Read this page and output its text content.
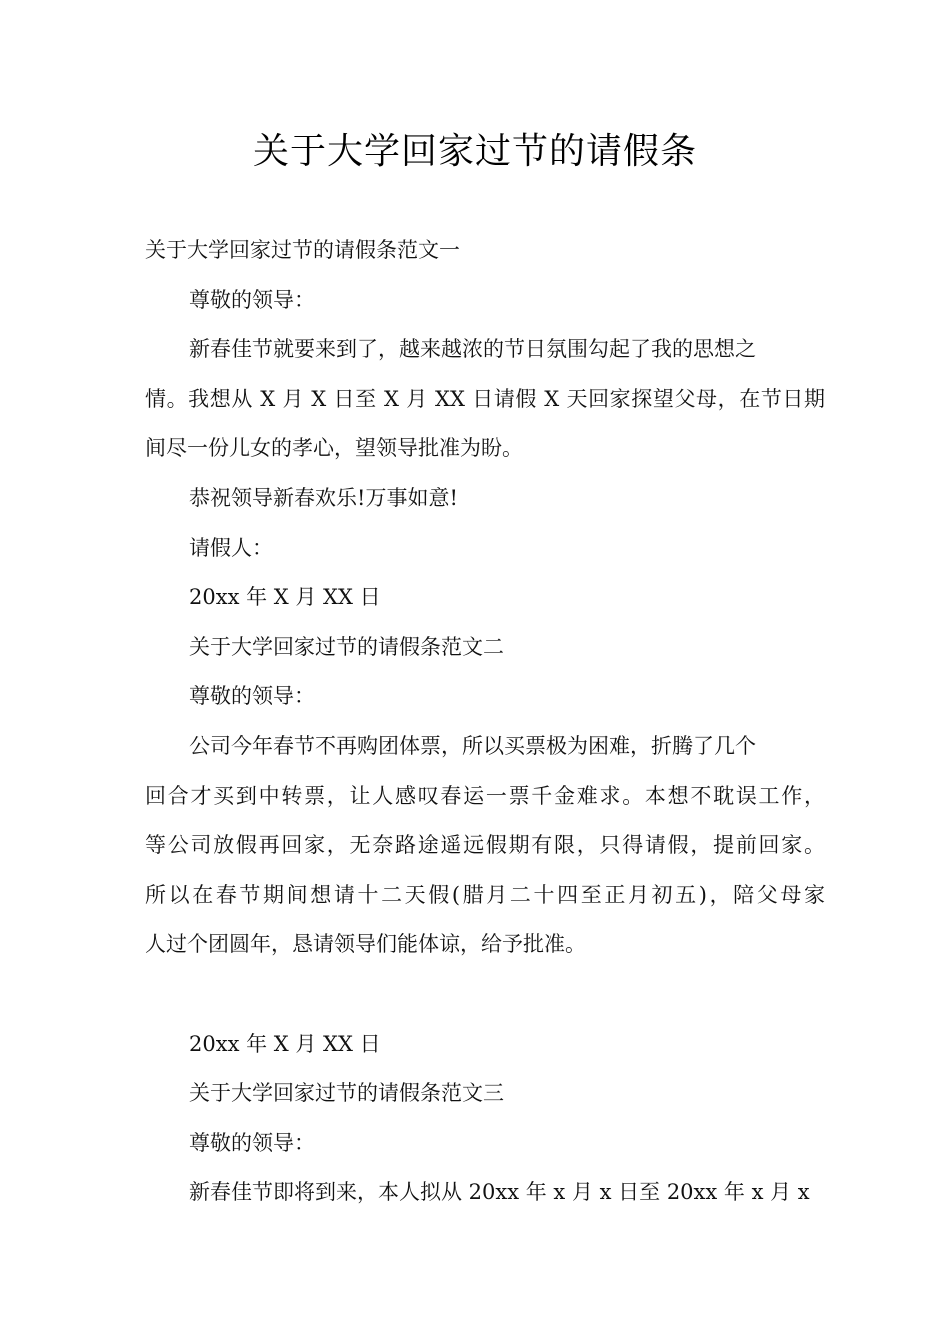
关于大学回家过节的请假条
关于大学回家过节的请假条范文一
尊敬的领导：
新春佳节就要来到了，越来越浓的节日氛围勾起了我的思想之
情。我想从 X 月 X 日至 X 月 XX 日请假 X 天回家探望父母，在节日期
间尽一份儿女的孝心，望领导批准为盼。
恭祝领导新春欢乐!万事如意!
请假人：
20xx 年 X 月 XX 日
关于大学回家过节的请假条范文二
尊敬的领导：
公司今年春节不再购团体票，所以买票极为困难，折腾了几个
回合才买到中转票，让人感叹春运一票千金难求。本想不耽误工作，
等公司放假再回家，无奈路途遥远假期有限，只得请假，提前回家。
所以在春节期间想请十二天假(腊月二十四至正月初五)，陪父母家
人过个团圆年，恳请领导们能体谅，给予批准。
20xx 年 X 月 XX 日
关于大学回家过节的请假条范文三
尊敬的领导：
新春佳节即将到来，本人拟从 20xx 年 x 月 x 日至 20xx 年 x 月 x
